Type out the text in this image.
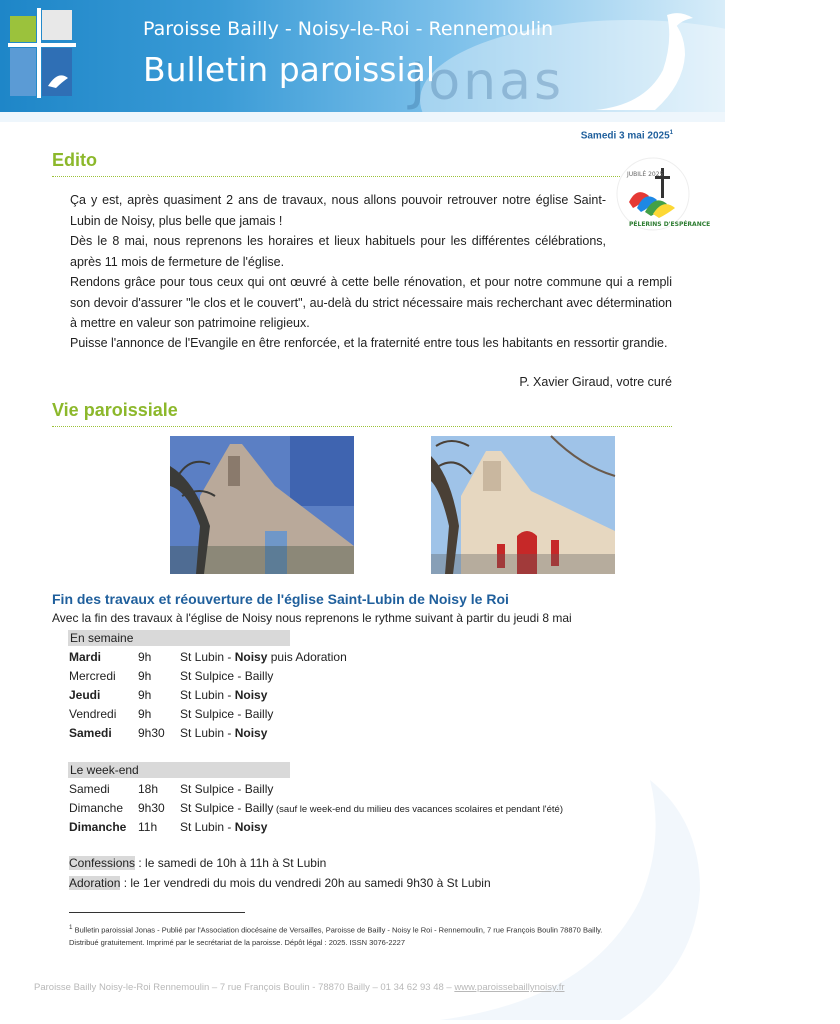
Jonas
Paroisse Bailly - Noisy-le-Roi - Rennemoulin
Bulletin paroissial
Samedi 3 mai 2025$^1$
Edito
JUBILÉ 2025
PÉLERINS D'ESPÉRANCE
Ça y est, après quasiment 2 ans de travaux, nous allons pouvoir retrouver notre église Saint-Lubin de Noisy, plus belle que jamais !
Dès le 8 mai, nous reprenons les horaires et lieux habituels pour les différentes célébrations, après 11 mois de fermeture de l'église.
Rendons grâce pour tous ceux qui ont œuvré à cette belle rénovation, et pour notre commune qui a rempli son devoir d'assurer "le clos et le couvert", au-delà du strict nécessaire mais recherchant avec détermination à mettre en valeur son patrimoine religieux.
Puisse l'annonce de l'Evangile en être renforcée, et la fraternité entre tous les habitants en ressortir grandie.
P. Xavier Giraud, votre curé
Vie paroissiale
Fin des travaux et réouverture de l'église Saint-Lubin de Noisy le Roi
Avec la fin des travaux à l'église de Noisy nous reprenons le rythme suivant à partir du jeudi 8 mai
En semaine
Mardi	9h St Lubin - Noisy puis Adoration
Mercredi 9h St Sulpice - Bailly
Jeudi	9h St Lubin - Noisy
Vendredi 9h St Sulpice - Bailly
Samedi 9h30 St Lubin - Noisy
Le week-end
Samedi 18h St Sulpice - Bailly
Dimanche 9h30 St Sulpice - Bailly (sauf le week-end du milieu des vacances scolaires et pendant l'été)
Dimanche 11h St Lubin - Noisy
Confessions : le samedi de 10h à 11h à St Lubin
Adoration : le 1er vendredi du mois du vendredi 20h au samedi 9h30 à St Lubin
$^1$ Bulletin paroissial Jonas - Publié par l'Association diocésaine de Versailles, Paroisse de Bailly - Noisy le Roi - Rennemoulin, 7 rue François Boulin 78870 Bailly.
Distribué gratuitement. Imprimé par le secrétariat de la paroisse. Dépôt légal : 2025. ISSN 3076-2227
Paroisse Bailly Noisy-le-Roi Rennemoulin – 7 rue François Boulin - 78870 Bailly – 01 34 62 93 48 – www.paroissebaillynoisy.fr
